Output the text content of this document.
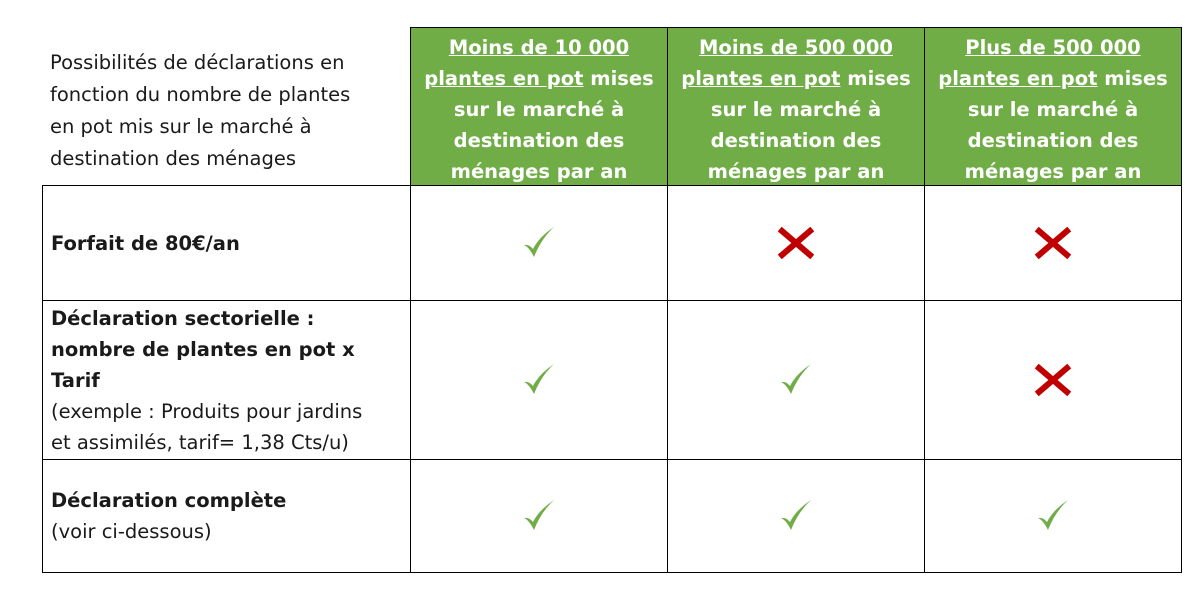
Possibilités de déclarations en
fonction du nombre de plantes
en pot mis sur le marché à
destination des ménages
Moins de 10 000
plantes en pot mises
sur le marché à
destination des
ménages par an
Moins de 500 000
plantes en pot mises
sur le marché à
destination des
ménages par an
Plus de 500 000
plantes en pot mises
sur le marché à
destination des
ménages par an
Forfait de 80€/an
Déclaration sectorielle :
nombre de plantes en pot x
Tarif
(exemple : Produits pour jardins
et assimilés, tarif= 1,38 Cts/u)
Déclaration complète
(voir ci-dessous)
